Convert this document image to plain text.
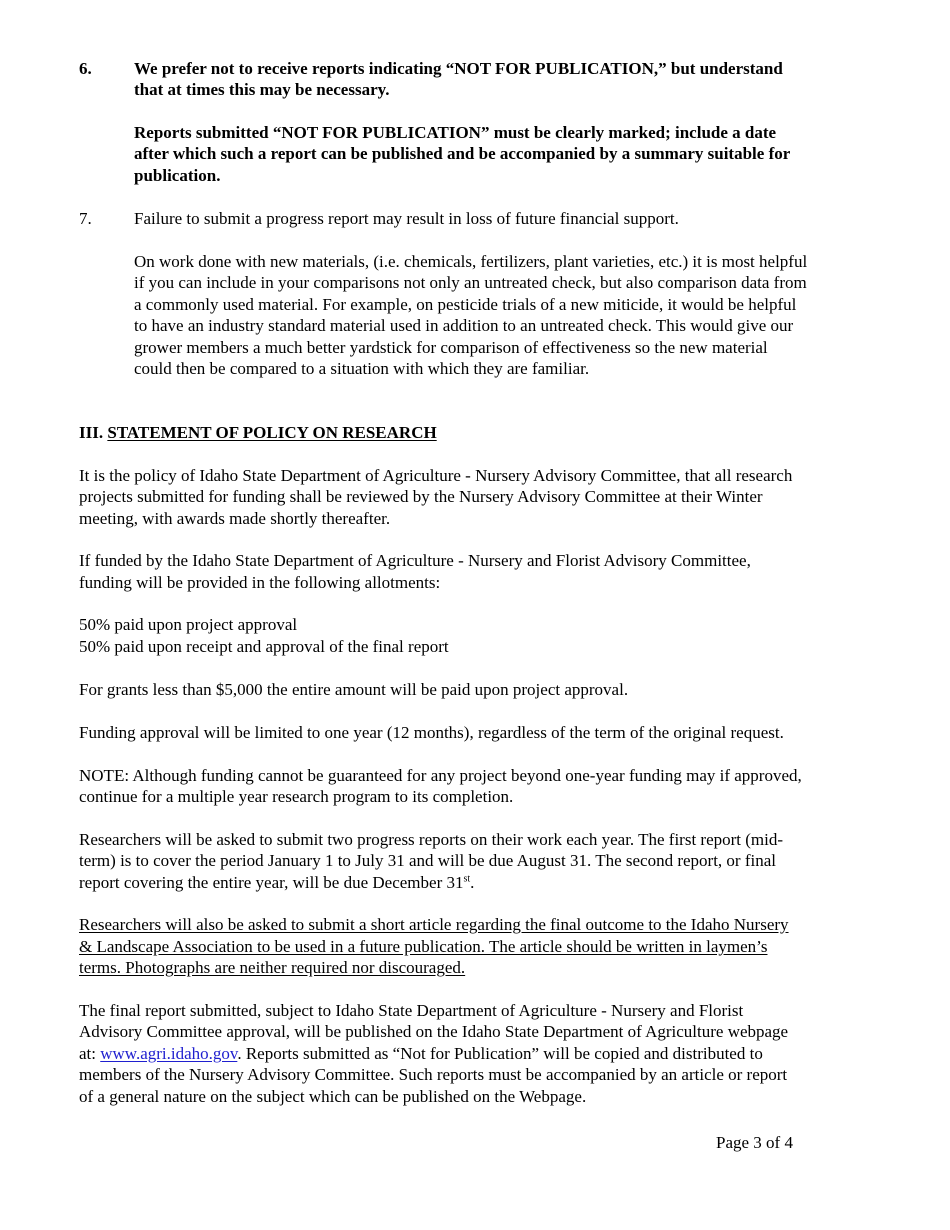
6. We prefer not to receive reports indicating “NOT FOR PUBLICATION,” but understand
that at times this may be necessary.
Reports submitted “NOT FOR PUBLICATION” must be clearly marked; include a date
after which such a report can be published and be accompanied by a summary suitable for
publication.
7. Failure to submit a progress report may result in loss of future financial support.
On work done with new materials, (i.e. chemicals, fertilizers, plant varieties, etc.) it is most helpful
if you can include in your comparisons not only an untreated check, but also comparison data from
a commonly used material. For example, on pesticide trials of a new miticide, it would be helpful
to have an industry standard material used in addition to an untreated check. This would give our
grower members a much better yardstick for comparison of effectiveness so the new material
could then be compared to a situation with which they are familiar.
III. STATEMENT OF POLICY ON RESEARCH
It is the policy of Idaho State Department of Agriculture - Nursery Advisory Committee, that all research
projects submitted for funding shall be reviewed by the Nursery Advisory Committee at their Winter
meeting, with awards made shortly thereafter.
If funded by the Idaho State Department of Agriculture - Nursery and Florist Advisory Committee,
funding will be provided in the following allotments:
50% paid upon project approval
50% paid upon receipt and approval of the final report
For grants less than $5,000 the entire amount will be paid upon project approval.
Funding approval will be limited to one year (12 months), regardless of the term of the original request.
NOTE: Although funding cannot be guaranteed for any project beyond one-year funding may if approved,
continue for a multiple year research program to its completion.
Researchers will be asked to submit two progress reports on their work each year. The first report (mid-
term) is to cover the period January 1 to July 31 and will be due August 31. The second report, or final
report covering the entire year, will be due December 31st.
Researchers will also be asked to submit a short article regarding the final outcome to the Idaho Nursery
& Landscape Association to be used in a future publication. The article should be written in laymen’s
terms. Photographs are neither required nor discouraged.
The final report submitted, subject to Idaho State Department of Agriculture - Nursery and Florist
Advisory Committee approval, will be published on the Idaho State Department of Agriculture webpage
at: www.agri.idaho.gov. Reports submitted as “Not for Publication” will be copied and distributed to
members of the Nursery Advisory Committee. Such reports must be accompanied by an article or report
of a general nature on the subject which can be published on the Webpage.
Page 3 of 4
